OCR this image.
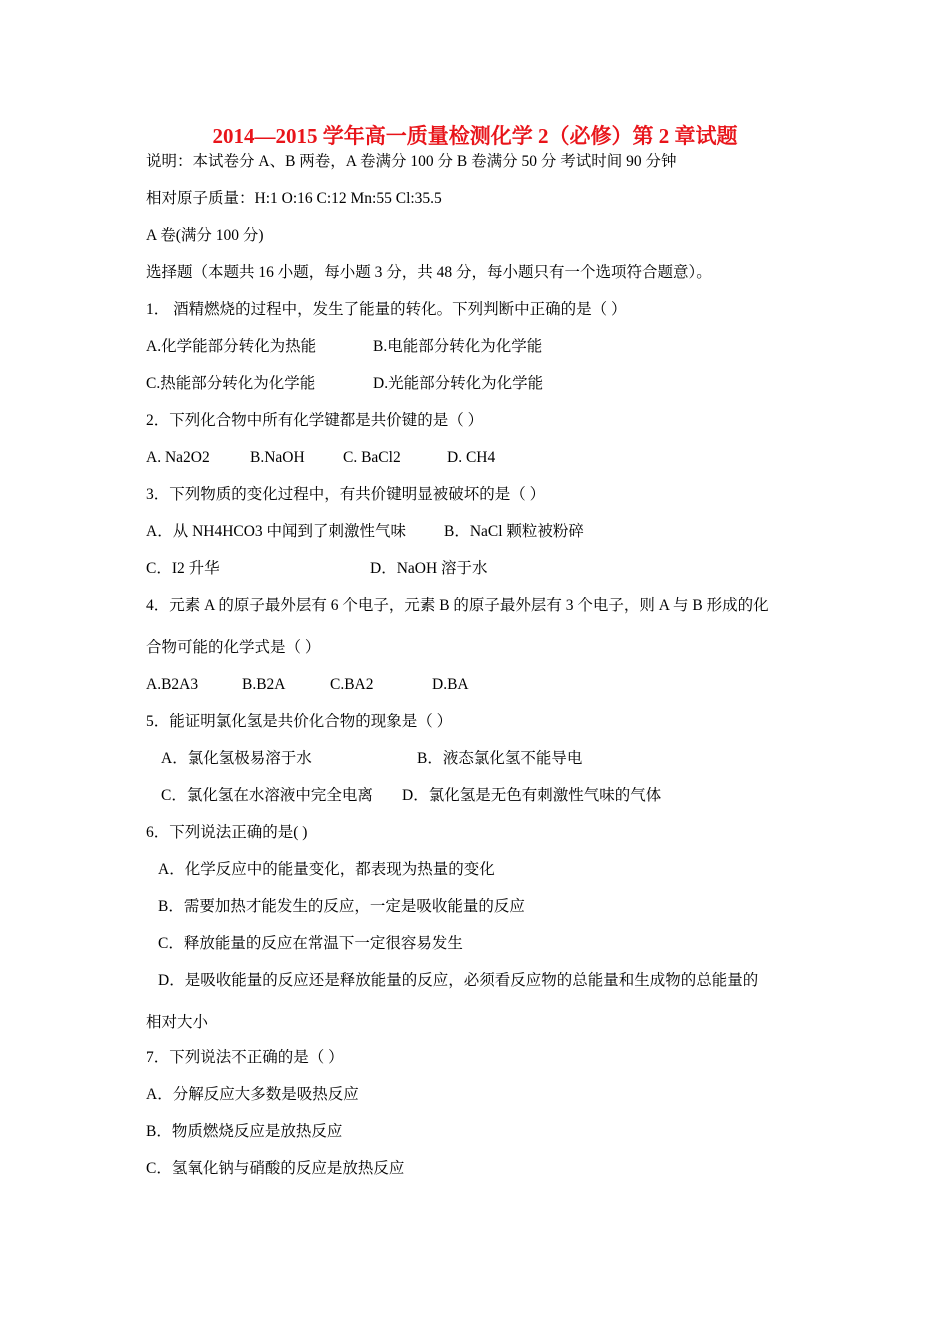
2014—2015 学年高一质量检测化学 2（必修）第 2 章试题
说明：本试卷分 A、B 两卷，A 卷满分 100 分 B 卷满分 50 分 考试时间 90 分钟
相对原子质量：H:1 O:16 C:12 Mn:55 Cl:35.5
A 卷(满分 100 分)
选择题（本题共 16 小题，每小题 3 分，共 48 分，每小题只有一个选项符合题意）。
1． 酒精燃烧的过程中，发生了能量的转化。下列判断中正确的是（ ）
A.化学能部分转化为热能	B.电能部分转化为化学能
C.热能部分转化为化学能	D.光能部分转化为化学能
2．下列化合物中所有化学键都是共价键的是（ ）
A. Na2O2	B.NaOH C. BaCl2	D. CH4
3．下列物质的变化过程中，有共价键明显被破坏的是（ ）
A．从 NH4HCO3 中闻到了刺激性气味 B．NaCl 颗粒被粉碎
C．I2 升华	D．NaOH 溶于水
4．元素 A 的原子最外层有 6 个电子，元素 B 的原子最外层有 3 个电子，则 A 与 B 形成的化
合物可能的化学式是（ ）
A.B2A3	B.B2A	C.BA2	D.BA
5．能证明氯化氢是共价化合物的现象是（ ）
A．氯化氢极易溶于水	B．液态氯化氢不能导电
C．氯化氢在水溶液中完全电离 D．氯化氢是无色有刺激性气味的气体
6．下列说法正确的是( )
A．化学反应中的能量变化，都表现为热量的变化
B．需要加热才能发生的反应，一定是吸收能量的反应
C．释放能量的反应在常温下一定很容易发生
D．是吸收能量的反应还是释放能量的反应，必须看反应物的总能量和生成物的总能量的
相对大小
7．下列说法不正确的是（ ）
A．分解反应大多数是吸热反应
B．物质燃烧反应是放热反应
C．氢氧化钠与硝酸的反应是放热反应
